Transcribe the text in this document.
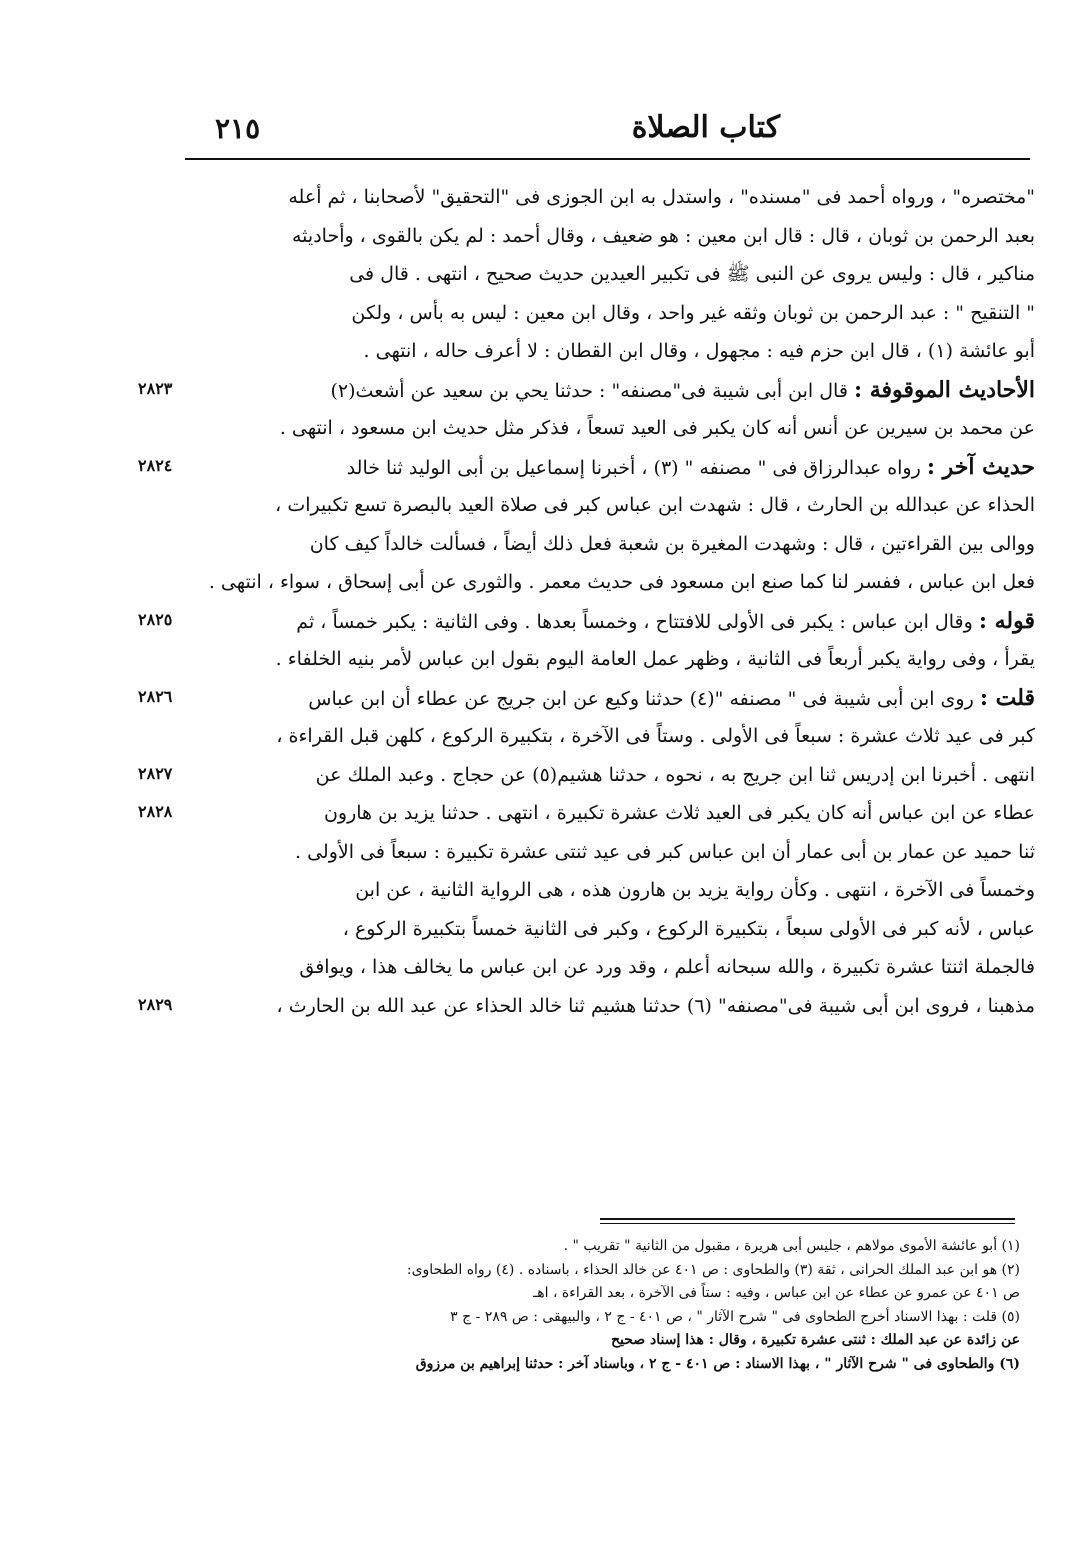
كتاب الصلاة
٢١٥
"مختصره" ، ورواه أحمد فى "مسنده" ، واستدل به ابن الجوزى فى "التحقيق" لأصحابنا ، ثم أعله
بعبد الرحمن بن ثوبان ، قال : قال ابن معين : هو ضعيف ، وقال أحمد : لم يكن بالقوى ، وأحاديثه
مناكير ، قال : وليس يروى عن النبى ﷺ فى تكبير العيدين حديث صحيح ، انتهى . قال فى
" التنقيح " : عبد الرحمن بن ثوبان وثقه غير واحد ، وقال ابن معين : ليس به بأس ، ولكن
أبو عائشة (١) ، قال ابن حزم فيه : مجهول ، وقال ابن القطان : لا أعرف حاله ، انتهى .
الأحاديث الموقوفة : قال ابن أبى شيبة فى"مصنفه" : حدثنا يحي بن سعيد عن أشعث(٢)
عن محمد بن سيرين عن أنس أنه كان يكبر فى العيد تسعاً ، فذكر مثل حديث ابن مسعود ، انتهى .
حديث آخر : رواه عبدالرزاق فى " مصنفه " (٣) ، أخبرنا إسماعيل بن أبى الوليد ثنا خالد
الحذاء عن عبدالله بن الحارث ، قال : شهدت ابن عباس كبر فى صلاة العيد بالبصرة تسع تكبيرات ،
ووالى بين القراءتين ، قال : وشهدت المغيرة بن شعبة فعل ذلك أيضاً ، فسألت خالداً كيف كان
فعل ابن عباس ، ففسر لنا كما صنع ابن مسعود فى حديث معمر . والثورى عن أبى إسحاق ، سواء ، انتهى .
قوله : وقال ابن عباس : يكبر فى الأولى للافتتاح ، وخمساً بعدها . وفى الثانية : يكبر خمساً ، ثم
يقرأ ، وفى رواية يكبر أربعاً فى الثانية ، وظهر عمل العامة اليوم بقول ابن عباس لأمر بنيه الخلفاء .
قلت : روى ابن أبى شيبة فى " مصنفه "(٤) حدثنا وكيع عن ابن جريج عن عطاء أن ابن عباس
كبر فى عيد ثلاث عشرة : سبعاً فى الأولى . وستاً فى الآخرة ، بتكبيرة الركوع ، كلهن قبل القراءة ،
انتهى . أخبرنا ابن إدريس ثنا ابن جريج به ، نحوه ، حدثنا هشيم(٥) عن حجاج . وعبد الملك عن
عطاء عن ابن عباس أنه كان يكبر فى العيد ثلاث عشرة تكبيرة ، انتهى . حدثنا يزيد بن هارون
ثنا حميد عن عمار بن أبى عمار أن ابن عباس كبر فى عيد ثنتى عشرة تكبيرة : سبعاً فى الأولى .
وخمساً فى الآخرة ، انتهى . وكأن رواية يزيد بن هارون هذه ، هى الرواية الثانية ، عن ابن
عباس ، لأنه كبر فى الأولى سبعاً ، بتكبيرة الركوع ، وكبر فى الثانية خمساً بتكبيرة الركوع ،
فالجملة اثنتا عشرة تكبيرة ، والله سبحانه أعلم ، وقد ورد عن ابن عباس ما يخالف هذا ، ويوافق
مذهبنا ، فروى ابن أبى شيبة فى"مصنفه" (٦) حدثنا هشيم ثنا خالد الحذاء عن عبد الله بن الحارث ،
٢٨٢٣
٢٨٢٤
٢٨٢٥
٢٨٢٦
٢٨٢٧
٢٨٢٨
٢٨٢٩
(١) أبو عائشة الأموى مولاهم ، جليس أبى هريرة ، مقبول من الثانية " تقريب " .
(٢) هو ابن عبد الملك الحرانى ، ثقة (٣) والطحاوى : ص ٤٠١ عن خالد الحذاء ، باسناده . (٤) رواه الطحاوى:
ص ٤٠١ عن عمرو عن عطاء عن ابن عباس ، وفيه : ستاً فى الآخرة ، بعد القراءة ، اهـ
(٥) قلت : بهذا الاسناد أخرج الطحاوى فى " شرح الآثار " ، ص ٤٠١ - ج ٢ ، والبيهقى : ص ٢٨٩ - ج ٣
عن زائدة عن عبد الملك : ثنتى عشرة تكبيرة ، وقال : هذا إسناد صحيح
(٦) والطحاوى فى " شرح الآثار " ، بهذا الاسناد : ص ٤٠١ - ج ٢ ، وباسناد آخر : حدثنا إبراهيم بن مرزوق
